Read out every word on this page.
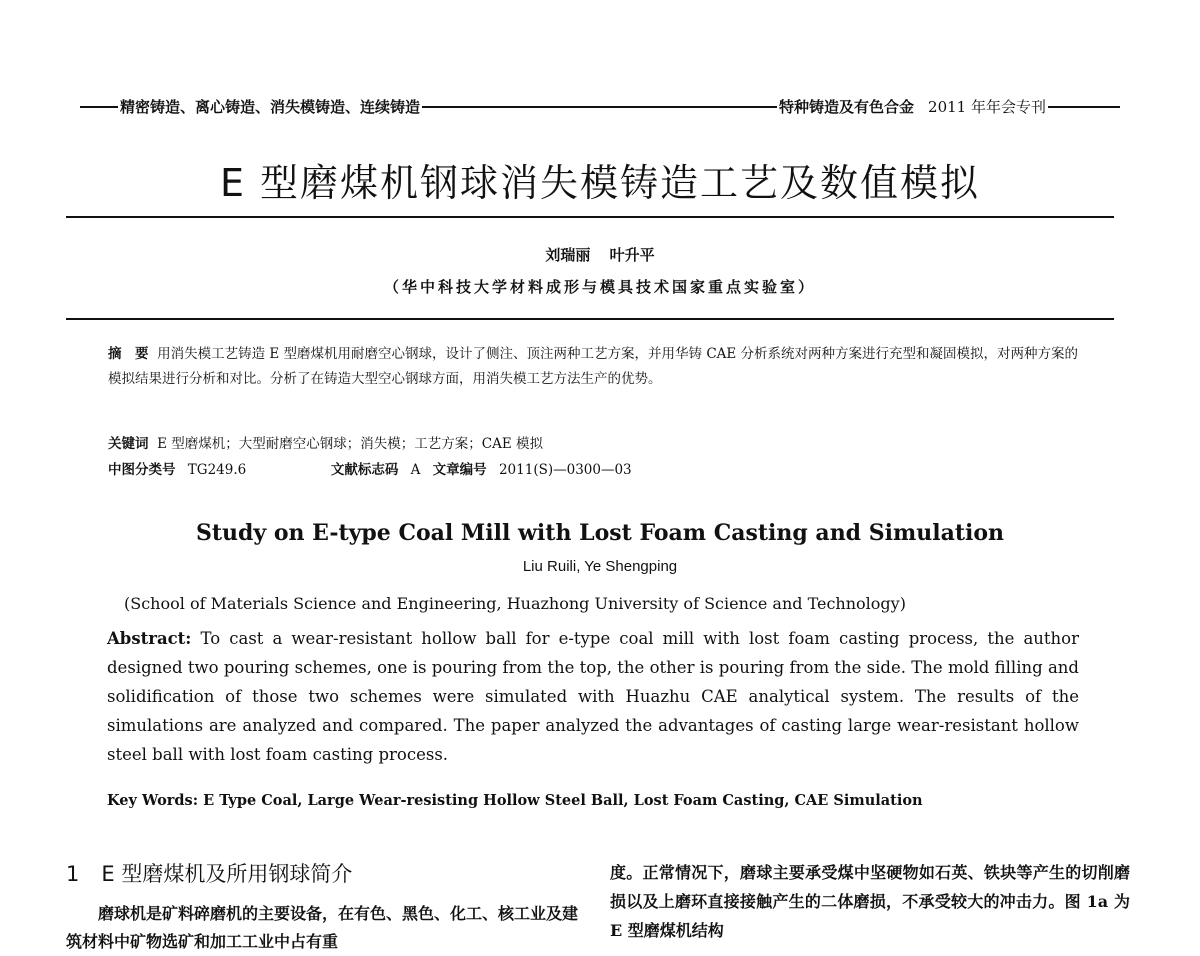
精密铸造、离心铸造、消失模铸造、连续铸造	特种铸造及有色合金 2011 年年会专刊
E 型磨煤机钢球消失模铸造工艺及数值模拟
刘瑞丽 叶升平
（华中科技大学材料成形与模具技术国家重点实验室）
摘　要 用消失模工艺铸造 E 型磨煤机用耐磨空心钢球，设计了侧注、顶注两种工艺方案，并用华铸 CAE 分析系统对两种方案进行充型和凝固模拟，对两种方案的模拟结果进行分析和对比。分析了在铸造大型空心钢球方面，用消失模工艺方法生产的优势。
关键词 E 型磨煤机；大型耐磨空心钢球；消失模；工艺方案；CAE 模拟
中图分类号 TG249.6	文献标志码 A 文章编号 2011(S)—0300—03
Study on E-type Coal Mill with Lost Foam Casting and Simulation
Liu Ruili, Ye Shengping
(School of Materials Science and Engineering, Huazhong University of Science and Technology)
Abstract: To cast a wear-resistant hollow ball for e-type coal mill with lost foam casting process, the author designed two pouring schemes, one is pouring from the top, the other is pouring from the side. The mold filling and solidification of those two schemes were simulated with Huazhu CAE analytical system. The results of the simulations are analyzed and compared. The paper analyzed the advantages of casting large wear-resistant hollow steel ball with lost foam casting process.
Key Words: E Type Coal, Large Wear-resisting Hollow Steel Ball, Lost Foam Casting, CAE Simulation
1 E 型磨煤机及所用钢球简介
磨球机是矿料碎磨机的主要设备，在有色、黑色、化工、核工业及建筑材料中矿物选矿和加工工业中占有重
度。正常情况下，磨球主要承受煤中坚硬物如石英、铁块等产生的切削磨损以及上磨环直接接触产生的二体磨损，不承受较大的冲击力。图 1a 为 E 型磨煤机结构
